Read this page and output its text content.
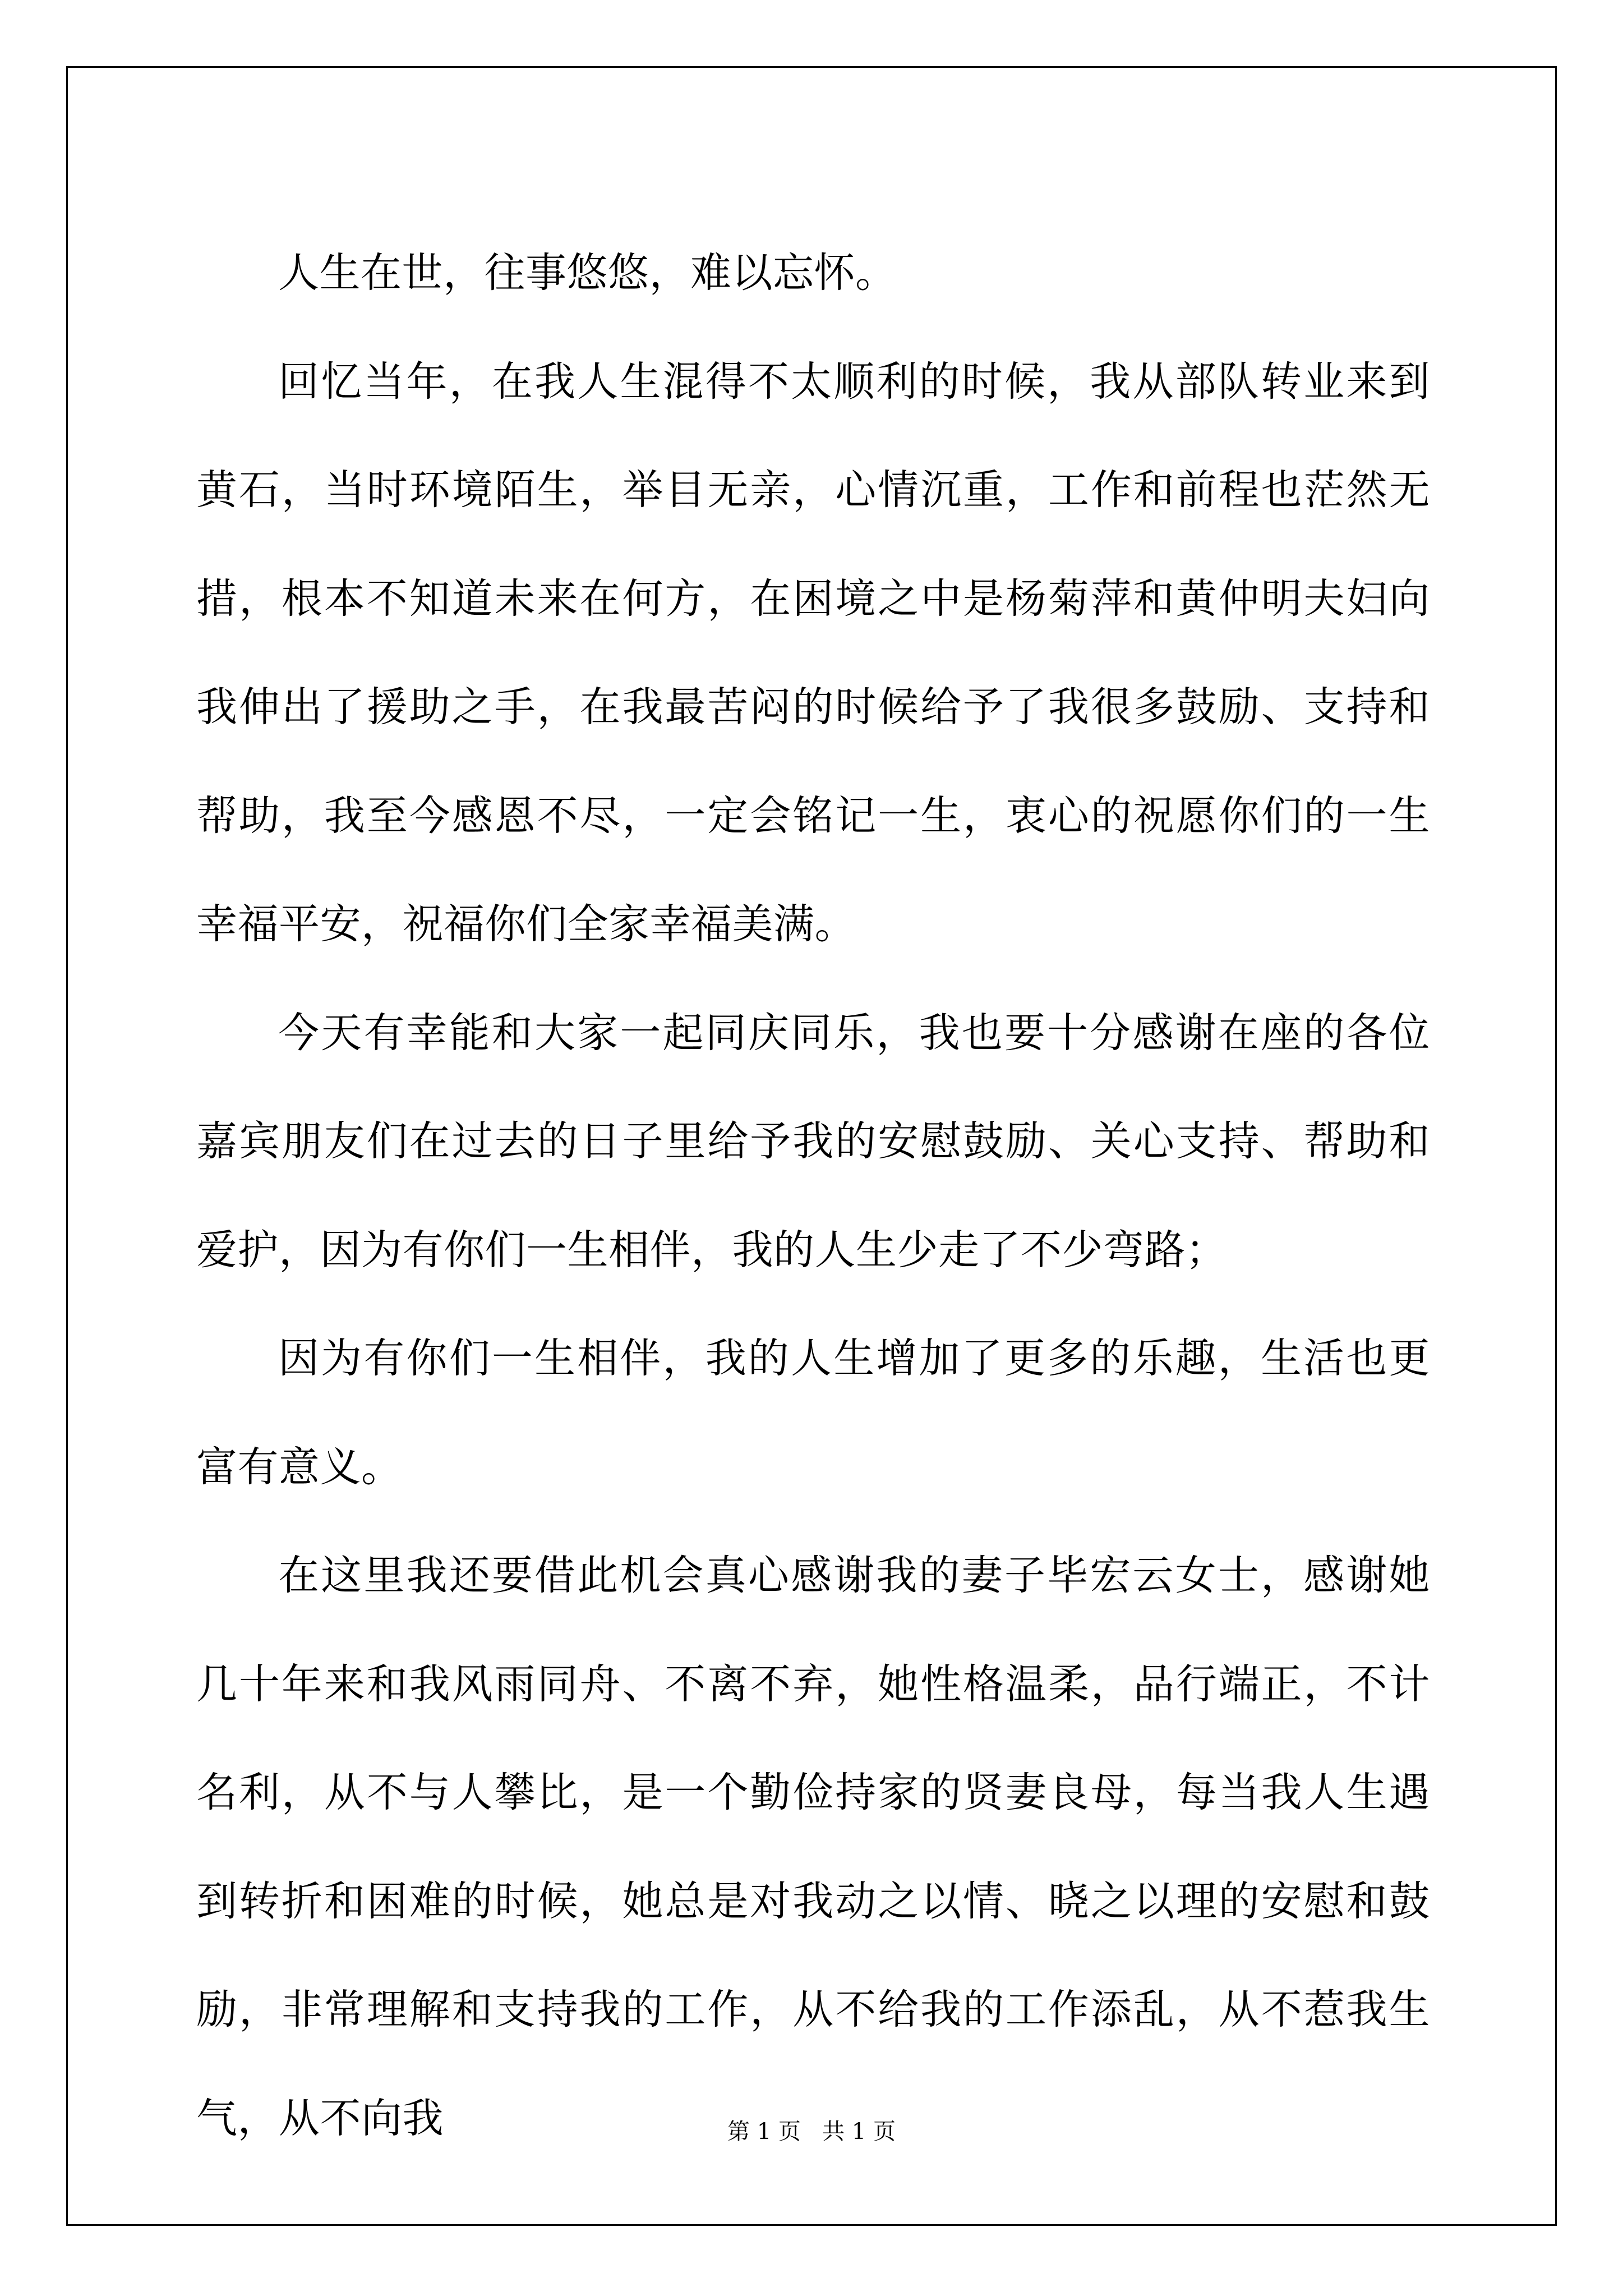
人生在世，往事悠悠，难以忘怀。

回忆当年，在我人生混得不太顺利的时候，我从部队转业来到黄石，当时环境陌生，举目无亲，心情沉重，工作和前程也茫然无措，根本不知道未来在何方，在困境之中是杨菊萍和黄仲明夫妇向我伸出了援助之手，在我最苦闷的时候给予了我很多鼓励、支持和帮助，我至今感恩不尽，一定会铭记一生，衷心的祝愿你们的一生幸福平安，祝福你们全家幸福美满。

今天有幸能和大家一起同庆同乐，我也要十分感谢在座的各位嘉宾朋友们在过去的日子里给予我的安慰鼓励、关心支持、帮助和爱护，因为有你们一生相伴，我的人生少走了不少弯路；

因为有你们一生相伴，我的人生增加了更多的乐趣，生活也更富有意义。

在这里我还要借此机会真心感谢我的妻子毕宏云女士，感谢她几十年来和我风雨同舟、不离不弃，她性格温柔，品行端正，不计名利，从不与人攀比，是一个勤俭持家的贤妻良母，每当我人生遇到转折和困难的时候，她总是对我动之以情、晓之以理的安慰和鼓励，非常理解和支持我的工作，从不给我的工作添乱，从不惹我生气，从不向我	第 1 页 共 1 页
